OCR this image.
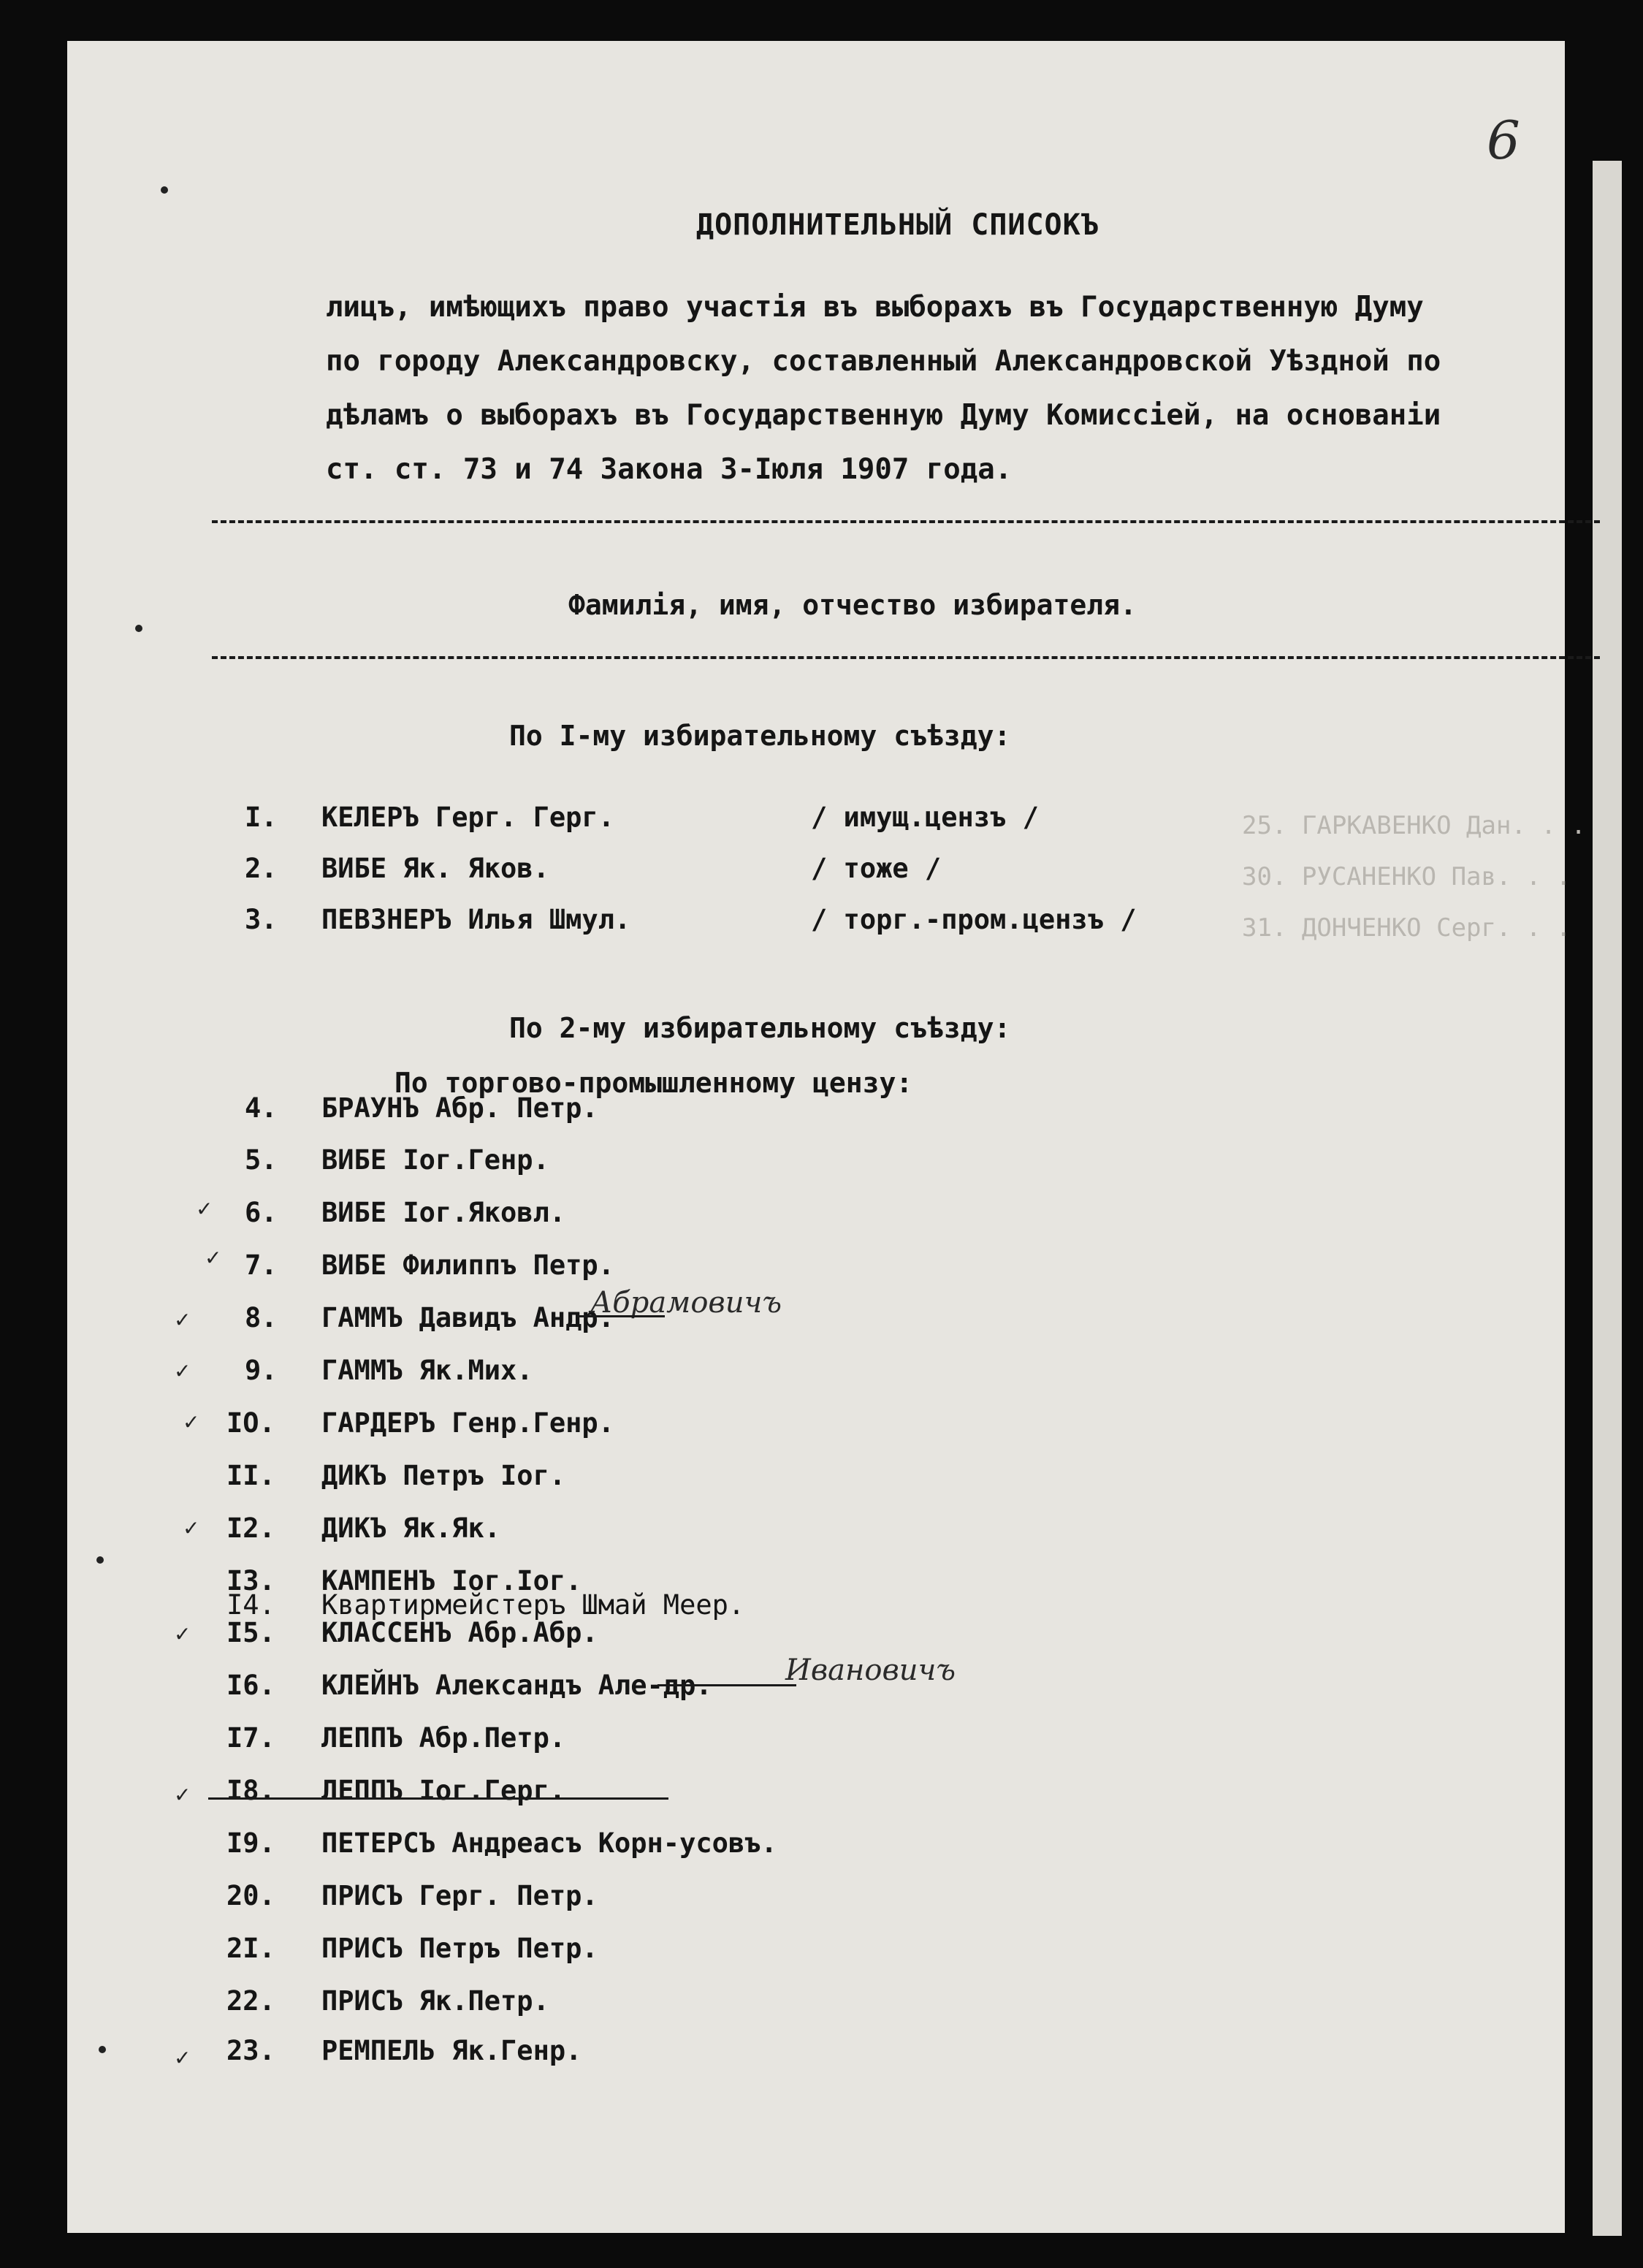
25. ГАРКАВЕНКО Дан. . .
30. РУСАНЕНКО Пав. . .
31. ДОНЧЕНКО Серг. . .
6
ДОПОЛНИТЕЛЬНЫЙ СПИСОКЪ
лицъ, имѣющихъ право участія въ выборахъ въ Государственную Думу
по городу Александровску, составленный Александровской Уѣздной по
дѣламъ о выборахъ въ Государственную Думу Комиссіей, на основаніи
ст. ст. 73 и 74 Закона 3-Іюля 1907 года.
Фамилія, имя, отчество избирателя.
По I-му избирательному съѣзду:
I. КЕЛЕРЪ Герг. Герг.	/ имущ.цензъ /
2. ВИБЕ Як. Яков.	/ тоже /
3. ПЕВЗНЕРЪ Илья Шмул.	/ торг.-пром.цензъ /
По 2-му избирательному съѣзду:
По торгово-промышленному цензу:
4. БРАУНЪ Абр. Петр.
5. ВИБЕ Іог.Генр.
6. ВИБЕ Іог.Яковл.
7. ВИБЕ Филиппъ Петр.
8. ГАММЪ Давидъ Андр.
9. ГАММЪ Як.Мих.
IO. ГАРДЕРЪ Генр.Генр.
II. ДИКЪ Петръ Іог.
I2. ДИКЪ Як.Як.
I3. КАМПЕНЪ Іог.Іог.
I4. Квартирмейстеръ Шмай Меер.
I5. КЛАССЕНЪ Абр.Абр.
I6. КЛЕЙНЪ Александъ Але-др.
I7. ЛЕППЪ Абр.Петр.
I8. ЛЕППЪ Іог.Герг.
I9. ПЕТЕРСЪ Андреасъ Корн-усовъ.
20. ПРИСЪ Герг. Петр.
2I. ПРИСЪ Петръ Петр.
22. ПРИСЪ Як.Петр.
23. РЕМПЕЛЬ Як.Генр.
Абрамовичъ
Ивановичъ
✓
✓
✓
✓
✓
✓
✓
✓
✓
